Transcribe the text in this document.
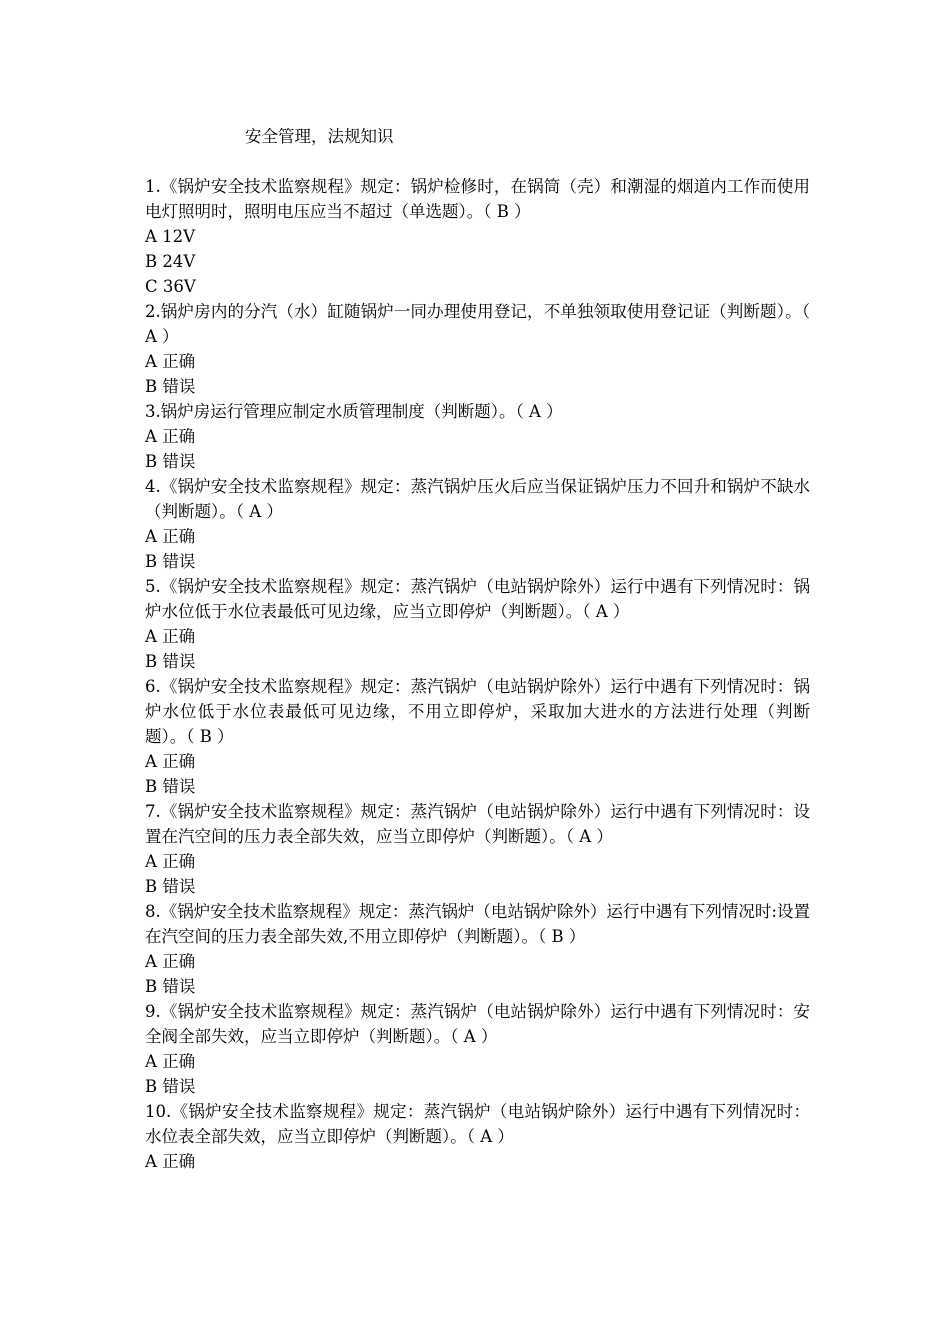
安全管理，法规知识
1.《锅炉安全技术监察规程》规定：锅炉检修时，在锅筒（壳）和潮湿的烟道内工作而使用电灯照明时，照明电压应当不超过（单选题）。（ B ）
A 12V
B 24V
C 36V
2.锅炉房内的分汽（水）缸随锅炉一同办理使用登记，不单独领取使用登记证（判断题）。（ A ）
A 正确
B 错误
3.锅炉房运行管理应制定水质管理制度（判断题）。（ A ）
A 正确
B 错误
4.《锅炉安全技术监察规程》规定：蒸汽锅炉压火后应当保证锅炉压力不回升和锅炉不缺水（判断题）。（ A ）
A 正确
B 错误
5.《锅炉安全技术监察规程》规定：蒸汽锅炉（电站锅炉除外）运行中遇有下列情况时：锅炉水位低于水位表最低可见边缘，应当立即停炉（判断题）。（ A ）
A 正确
B 错误
6.《锅炉安全技术监察规程》规定：蒸汽锅炉（电站锅炉除外）运行中遇有下列情况时：锅炉水位低于水位表最低可见边缘，不用立即停炉，采取加大进水的方法进行处理（判断题）。（ B ）
A 正确
B 错误
7.《锅炉安全技术监察规程》规定：蒸汽锅炉（电站锅炉除外）运行中遇有下列情况时：设置在汽空间的压力表全部失效，应当立即停炉（判断题）。（ A ）
A 正确
B 错误
8.《锅炉安全技术监察规程》规定：蒸汽锅炉（电站锅炉除外）运行中遇有下列情况时:设置在汽空间的压力表全部失效,不用立即停炉（判断题）。（ B ）
A 正确
B 错误
9.《锅炉安全技术监察规程》规定：蒸汽锅炉（电站锅炉除外）运行中遇有下列情况时：安全阀全部失效，应当立即停炉（判断题）。（ A ）
A 正确
B 错误
10.《锅炉安全技术监察规程》规定：蒸汽锅炉（电站锅炉除外）运行中遇有下列情况时：水位表全部失效，应当立即停炉（判断题）。（ A ）
A 正确
